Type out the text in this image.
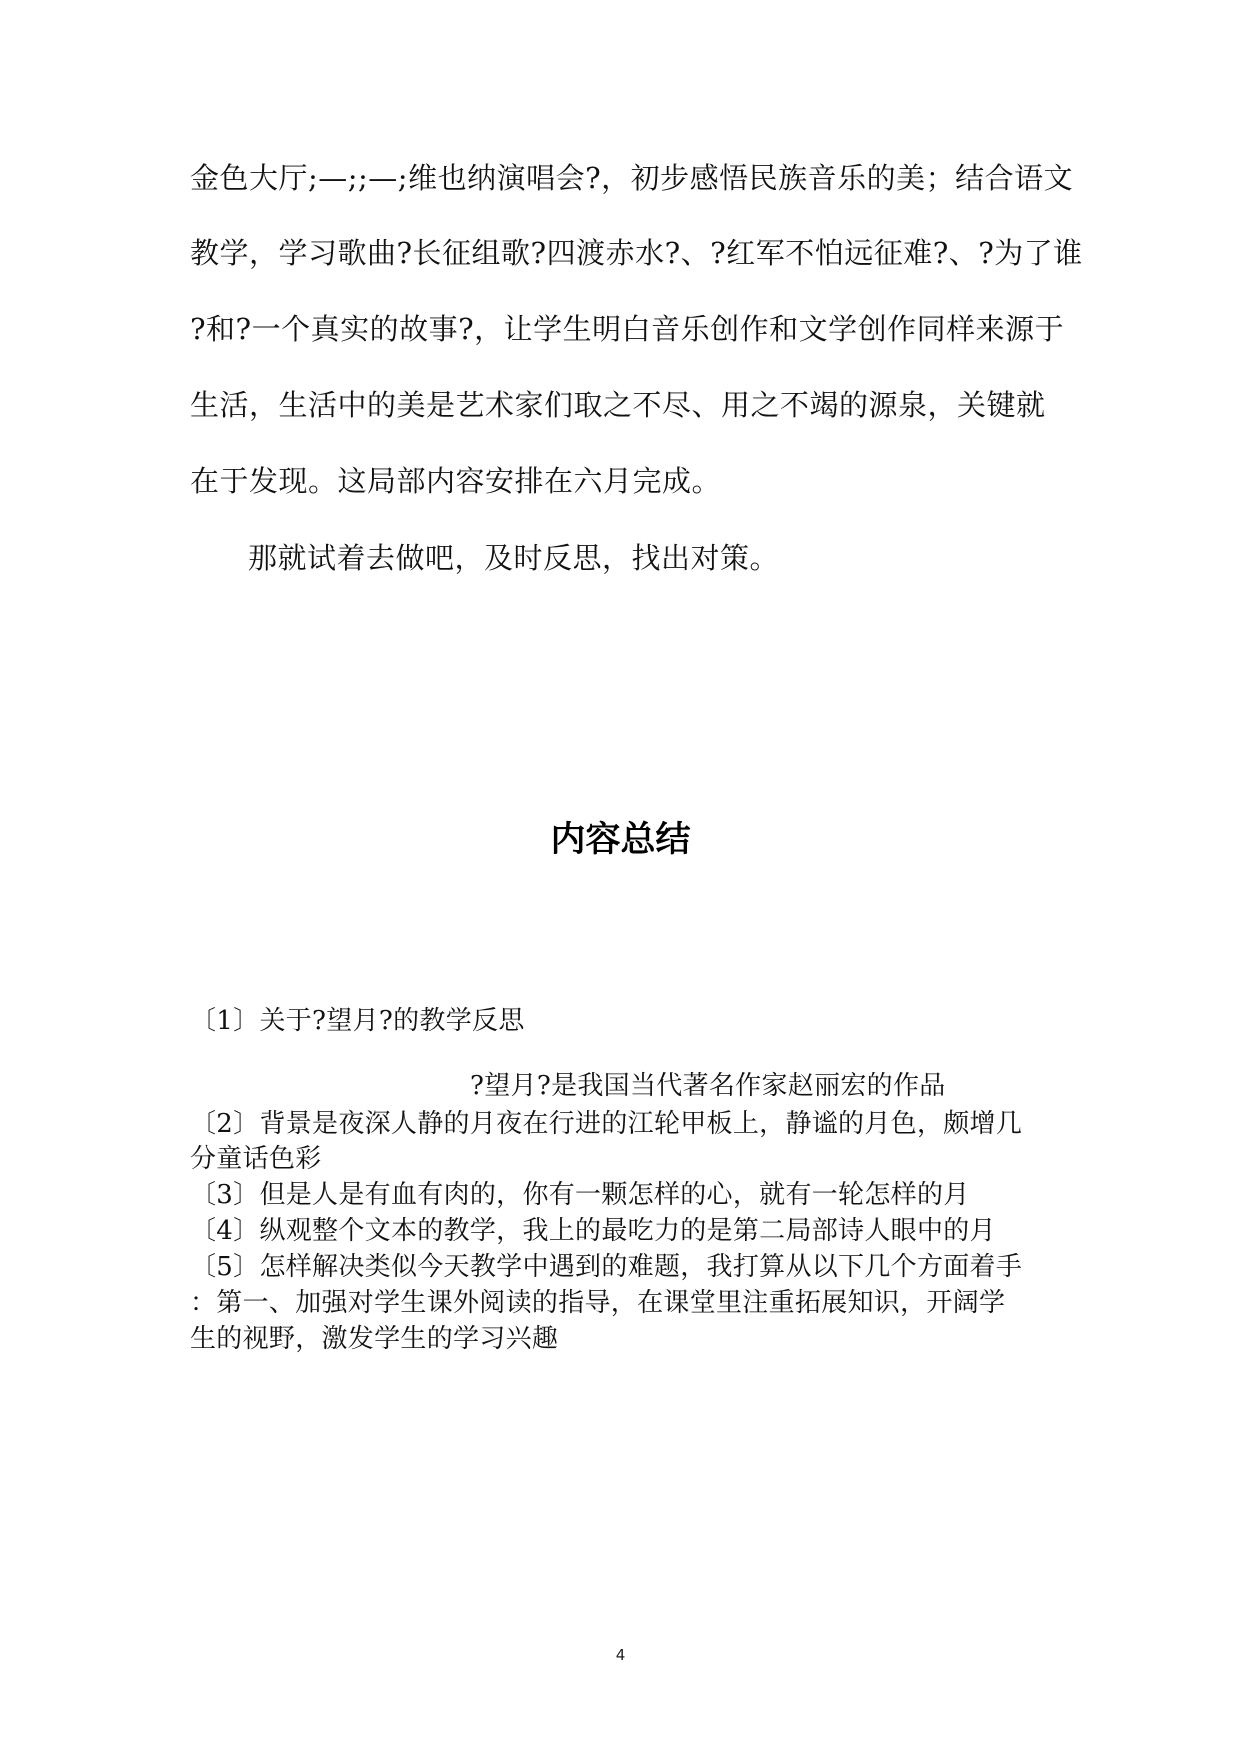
金色大厅;—;;—;维也纳演唱会?，初步感悟民族音乐的美；结合语文
教学，学习歌曲?长征组歌?四渡赤水?、?红军不怕远征难?、?为了谁
?和?一个真实的故事?，让学生明白音乐创作和文学创作同样来源于
生活，生活中的美是艺术家们取之不尽、用之不竭的源泉，关键就
在于发现。这局部内容安排在六月完成。
那就试着去做吧，及时反思，找出对策。
内容总结
〔1〕关于?望月?的教学反思
?望月?是我国当代著名作家赵丽宏的作品
〔2〕背景是夜深人静的月夜在行进的江轮甲板上，静谧的月色，颇增几
分童话色彩
〔3〕但是人是有血有肉的，你有一颗怎样的心，就有一轮怎样的月
〔4〕纵观整个文本的教学，我上的最吃力的是第二局部诗人眼中的月
〔5〕怎样解决类似今天教学中遇到的难题，我打算从以下几个方面着手
：第一、加强对学生课外阅读的指导，在课堂里注重拓展知识，开阔学
生的视野，激发学生的学习兴趣
4
